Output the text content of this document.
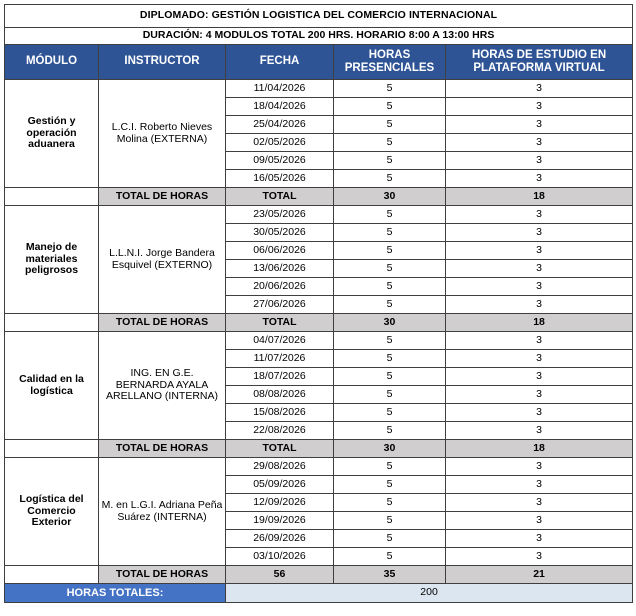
DIPLOMADO: GESTIÓN LOGISTICA DEL COMERCIO INTERNACIONAL				
DURACIÓN: 4 MODULOS TOTAL 200 HRS. HORARIO 8:00 A 13:00 HRS				
MÓDULO	INSTRUCTOR	FECHA	HORAS PRESENCIALES	HORAS DE ESTUDIO EN PLATAFORMA VIRTUAL
Gestión y operación aduanera	L.C.I. Roberto Nieves Molina (EXTERNA)	11/04/2026	5	3
		18/04/2026	5	3
		25/04/2026	5	3
		02/05/2026	5	3
		09/05/2026	5	3
		16/05/2026	5	3
	TOTAL DE HORAS	TOTAL	30	18
Manejo de materiales peligrosos	L.L.N.I. Jorge Bandera Esquivel (EXTERNO)	23/05/2026	5	3
		30/05/2026	5	3
		06/06/2026	5	3
		13/06/2026	5	3
		20/06/2026	5	3
		27/06/2026	5	3
	TOTAL DE HORAS	TOTAL	30	18
Calidad en la logística	ING. EN G.E. BERNARDA AYALA ARELLANO (INTERNA)	04/07/2026	5	3
		11/07/2026	5	3
		18/07/2026	5	3
		08/08/2026	5	3
		15/08/2026	5	3
		22/08/2026	5	3
	TOTAL DE HORAS	TOTAL	30	18
Logística del Comercio Exterior	M. en L.G.I. Adriana Peña Suárez (INTERNA)	29/08/2026	5	3
		05/09/2026	5	3
		12/09/2026	5	3
		19/09/2026	5	3
		26/09/2026	5	3
		03/10/2026	5	3
	TOTAL DE HORAS	56	35	21
HORAS TOTALES:		200		
